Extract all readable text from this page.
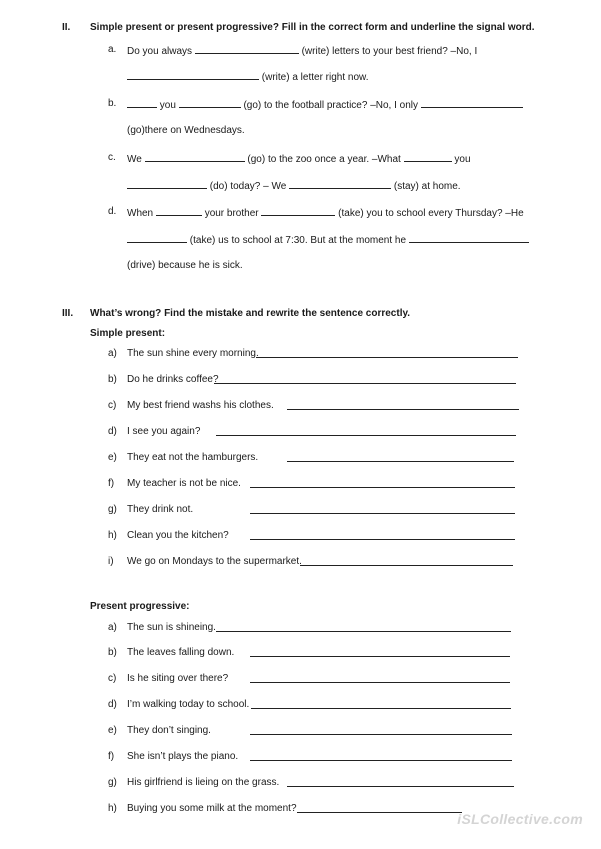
II. Simple present or present progressive? Fill in the correct form and underline the signal word.
a. Do you always	(write) letters to your best friend? –No, I
(write) a letter right now.
b.	you	(go) to the football practice? –No, I only
(go)there on Wednesdays.
c. We	(go) to the zoo once a year. –What	you
(do) today? – We	(stay) at home.
d. When	your brother	(take) you to school every Thursday? –He
(take) us to school at 7:30. But at the moment he
(drive) because he is sick.
III. What’s wrong? Find the mistake and rewrite the sentence correctly.
Simple present:
a) The sun shine every morning.
b) Do he drinks coffee?
c) My best friend washs his clothes.
d) I see you again?
e) They eat not the hamburgers.
f) My teacher is not be nice.
g) They drink not.
h) Clean you the kitchen?
i) We go on Mondays to the supermarket.
Present progressive:
a) The sun is shineing.
b) The leaves falling down.
c) Is he siting over there?
d) I’m walking today to school.
e) They don’t singing.
f) She isn’t plays the piano.
g) His girlfriend is lieing on the grass.
h) Buying you some milk at the moment?
iSLCollective.com
